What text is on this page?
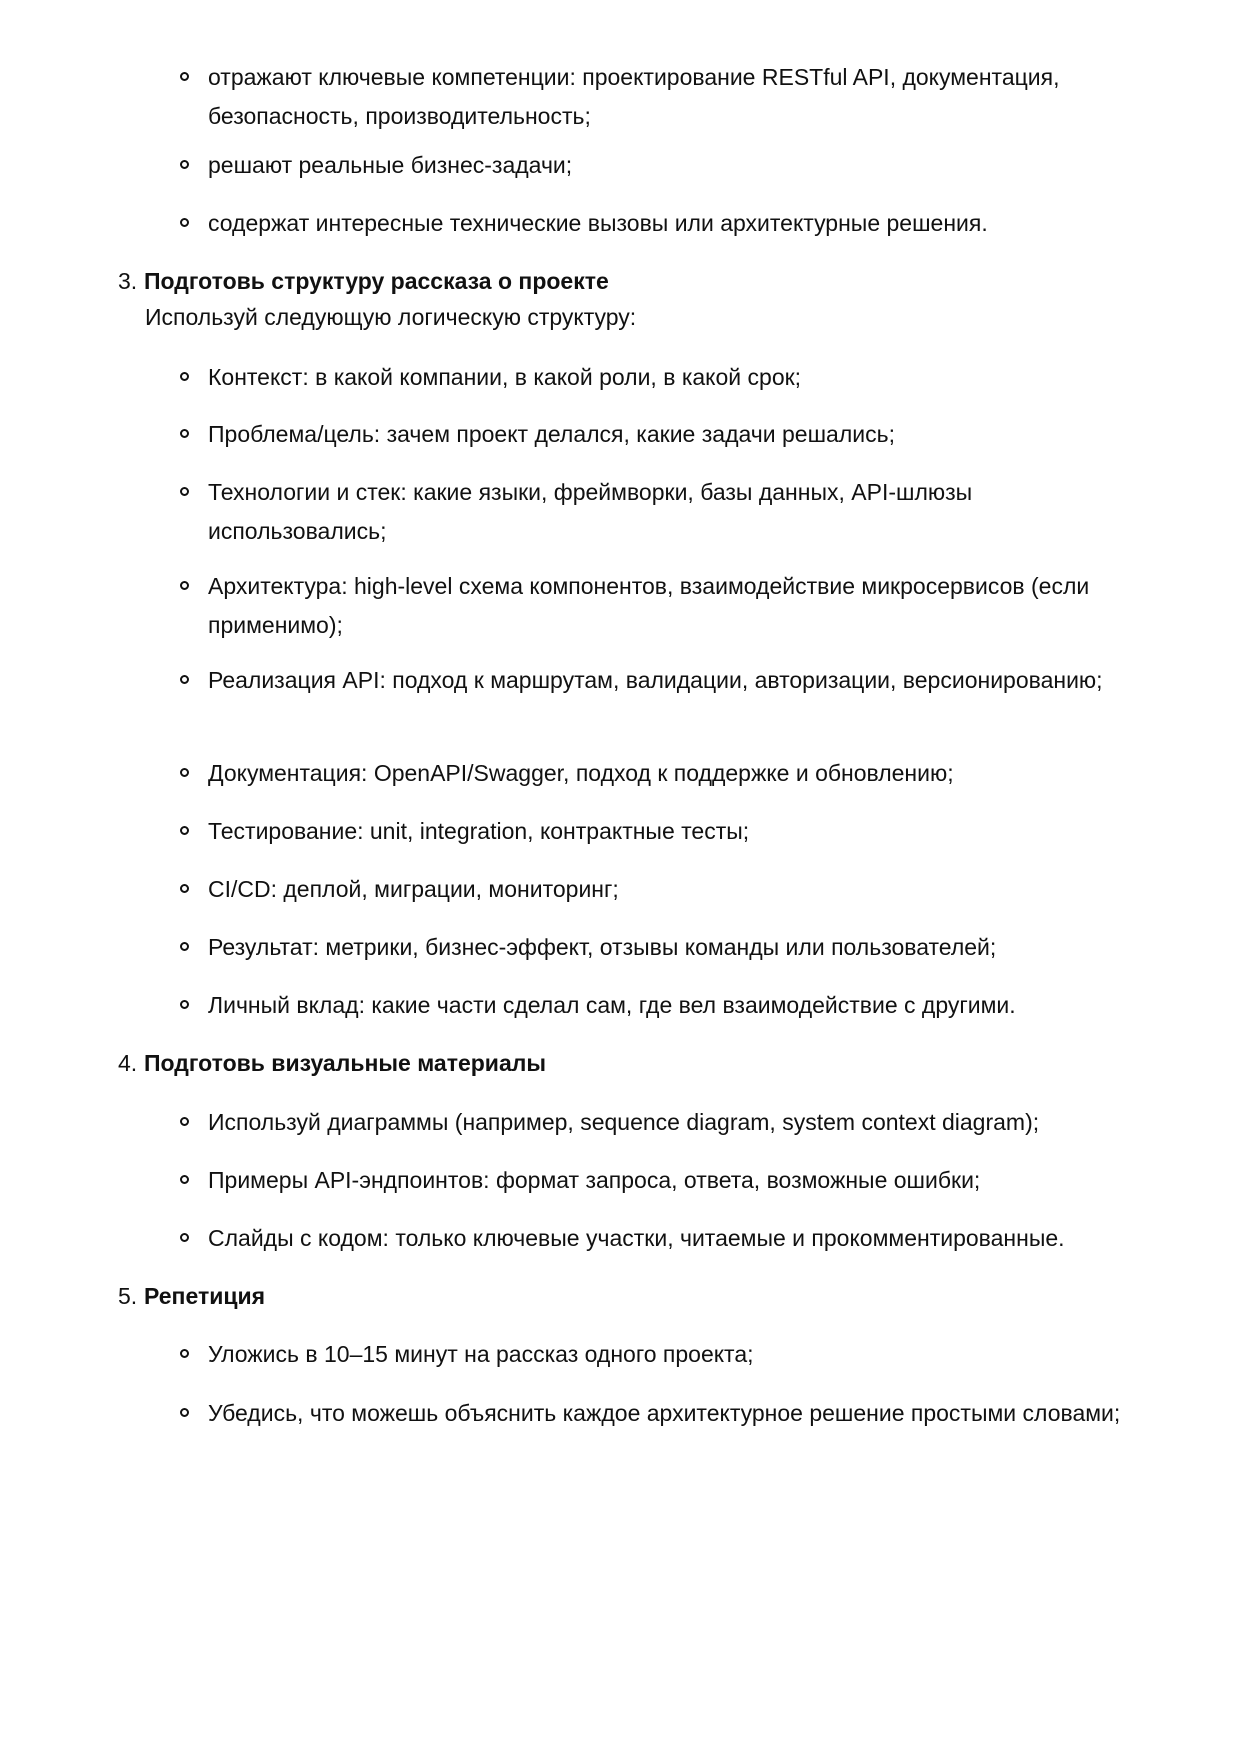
отражают ключевые компетенции: проектирование RESTful API, документация, безопасность, производительность;
решают реальные бизнес-задачи;
содержат интересные технические вызовы или архитектурные решения.
3. Подготовь структуру рассказа о проекте
Используй следующую логическую структуру:
Контекст: в какой компании, в какой роли, в какой срок;
Проблема/цель: зачем проект делался, какие задачи решались;
Технологии и стек: какие языки, фреймворки, базы данных, API-шлюзы использовались;
Архитектура: high-level схема компонентов, взаимодействие микросервисов (если применимо);
Реализация API: подход к маршрутам, валидации, авторизации, версионированию;
Документация: OpenAPI/Swagger, подход к поддержке и обновлению;
Тестирование: unit, integration, контрактные тесты;
CI/CD: деплой, миграции, мониторинг;
Результат: метрики, бизнес-эффект, отзывы команды или пользователей;
Личный вклад: какие части сделал сам, где вел взаимодействие с другими.
4. Подготовь визуальные материалы
Используй диаграммы (например, sequence diagram, system context diagram);
Примеры API-эндпоинтов: формат запроса, ответа, возможные ошибки;
Слайды с кодом: только ключевые участки, читаемые и прокомментированные.
5. Репетиция
Уложись в 10–15 минут на рассказ одного проекта;
Убедись, что можешь объяснить каждое архитектурное решение простыми словами;
